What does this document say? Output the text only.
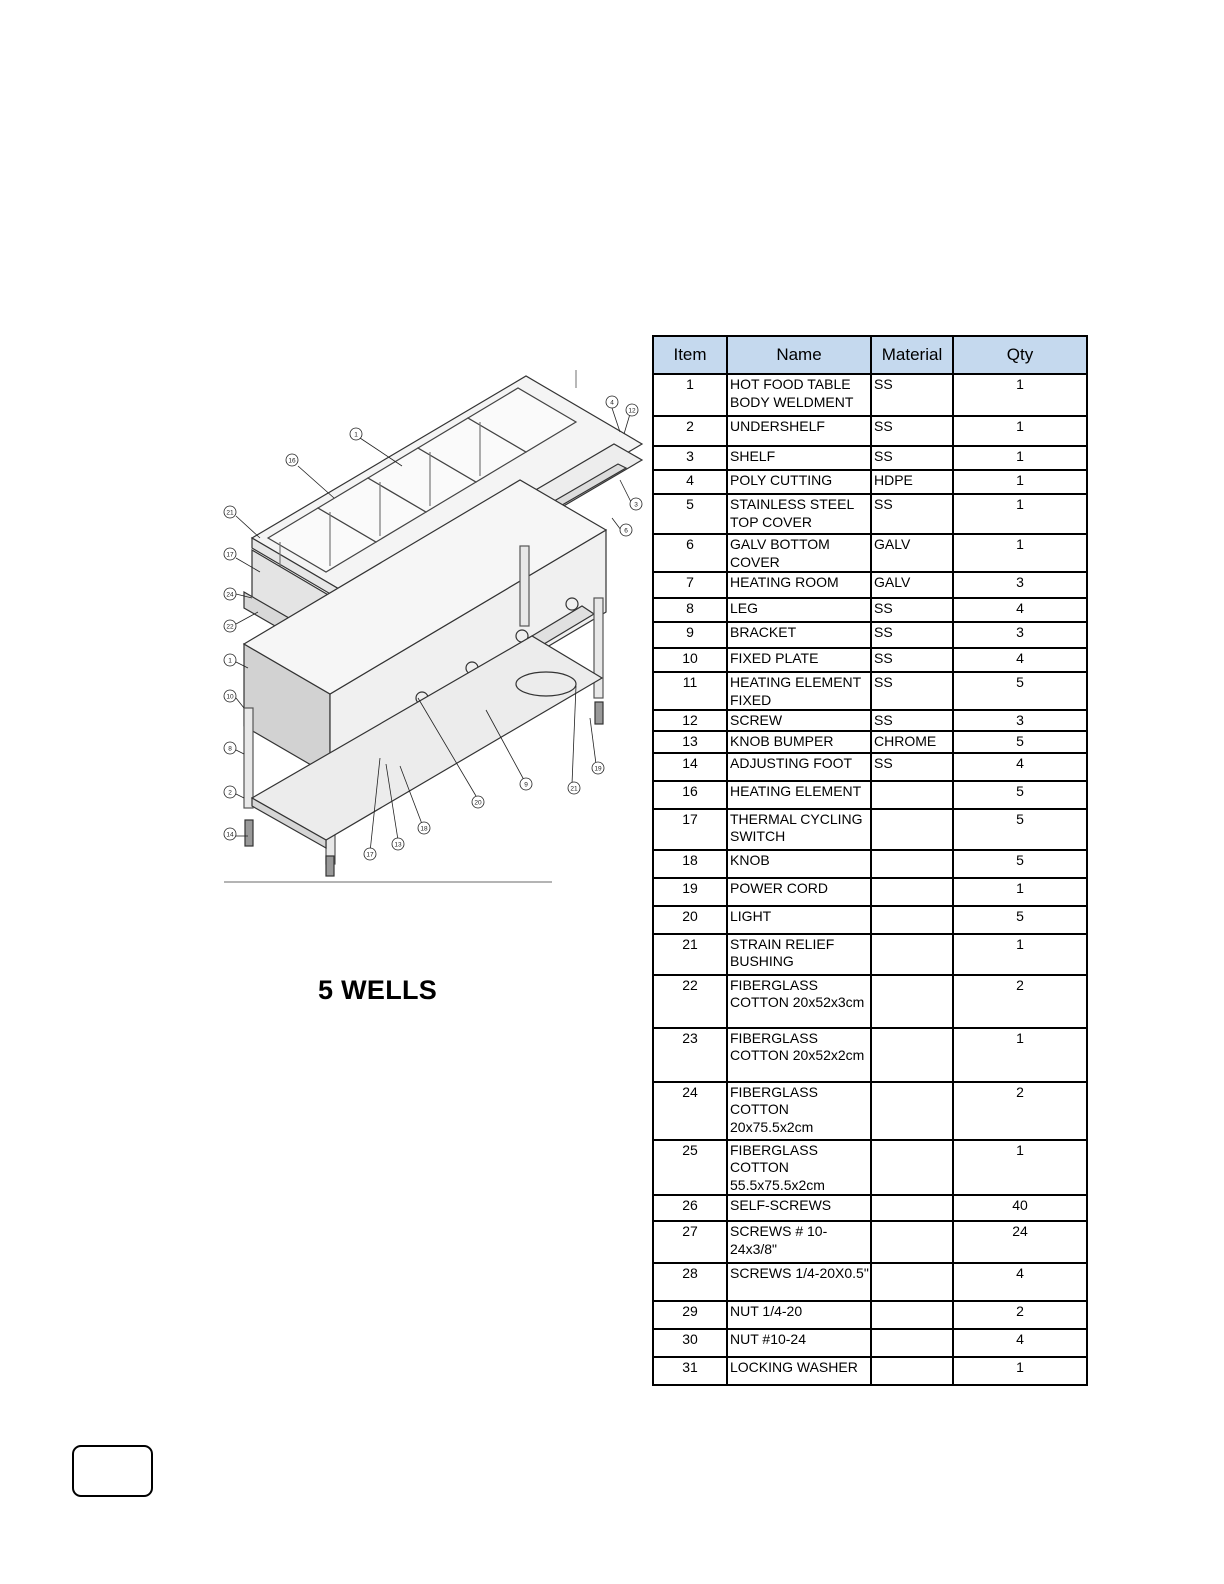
1
16
21
17
24
22
1
10
8
2
14
4
12
3
6
20
9
21
19
17
13
18
5 WELLS
Item	Name	Material	Qty
1	HOT FOOD TABLE BODY WELDMENT	SS	1
2	UNDERSHELF	SS	1
3	SHELF	SS	1
4	POLY CUTTING	HDPE	1
5	STAINLESS STEEL TOP COVER	SS	1
6	GALV BOTTOM COVER	GALV	1
7	HEATING ROOM	GALV	3
8	LEG	SS	4
9	BRACKET	SS	3
10	FIXED PLATE	SS	4
11	HEATING ELEMENT FIXED	SS	5
12	SCREW	SS	3
13	KNOB BUMPER	CHROME	5
14	ADJUSTING FOOT	SS	4
16	HEATING ELEMENT		5
17	THERMAL CYCLING SWITCH		5
18	KNOB		5
19	POWER CORD		1
20	LIGHT		5
21	STRAIN RELIEF BUSHING		1
22	FIBERGLASS COTTON 20x52x3cm		2
23	FIBERGLASS COTTON 20x52x2cm		1
24	FIBERGLASS COTTON 20x75.5x2cm		2
25	FIBERGLASS COTTON 55.5x75.5x2cm		1
26	SELF-SCREWS		40
27	SCREWS # 10-24x3/8"		24
28	SCREWS 1/4-20X0.5"		4
29	NUT 1/4-20		2
30	NUT #10-24		4
31	LOCKING WASHER		1
